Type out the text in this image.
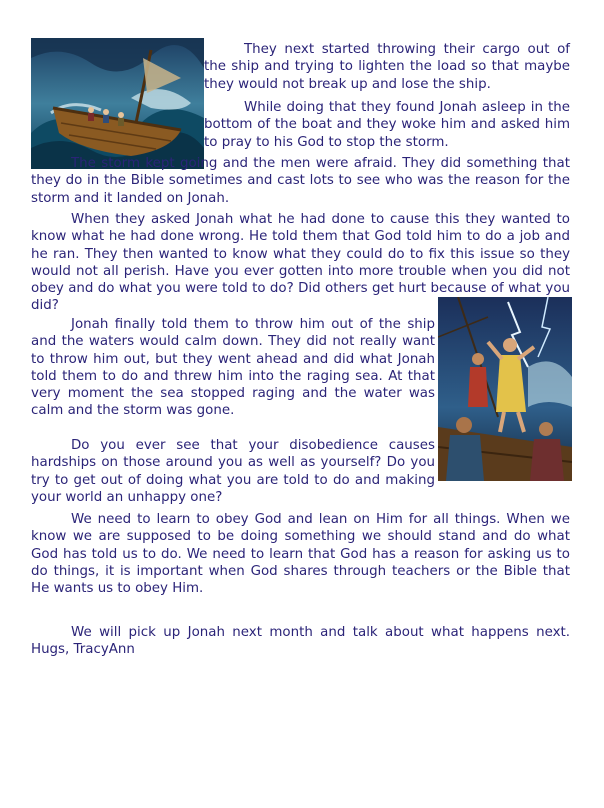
They next started throwing their cargo out of the ship and trying to lighten the load so that maybe they would not break up and lose the ship.

While doing that they found Jonah asleep in the bottom of the boat and they woke him and asked him to pray to his God to stop the storm.

The storm kept going and the men were afraid. They did something that they do in the Bible sometimes and cast lots to see who was the reason for the storm and it landed on Jonah.

When they asked Jonah what he had done to cause this they wanted to know what he had done wrong. He told them that God told him to do a job and he ran. They then wanted to know what they could do to fix this issue so they would not all perish. Have you ever gotten into more trouble when you did not obey and do what you were told to do? Did others get hurt because of what you did?

Jonah finally told them to throw him out of the ship and the waters would calm down. They did not really want to throw him out, but they went ahead and did what Jonah told them to do and threw him into the raging sea. At that very moment the sea stopped raging and the water was calm and the storm was gone.

Do you ever see that your disobedience causes hardships on those around you as well as yourself? Do you try to get out of doing what you are told to do and making your world an unhappy one?

We need to learn to obey God and lean on Him for all things. When we know we are supposed to be doing something we should stand and do what God has told us to do. We need to learn that God has a reason for asking us to do things, it is important when God shares through teachers or the Bible that He wants us to obey Him.

We will pick up Jonah next month and talk about what happens next. Hugs, TracyAnn
